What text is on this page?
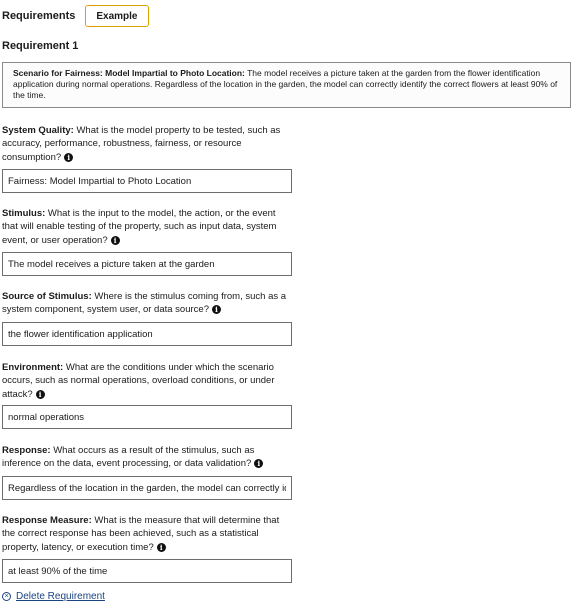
Requirements	Example
Requirement 1
Scenario for Fairness: Model Impartial to Photo Location: The model receives a picture taken at the garden from the flower identification application during normal operations. Regardless of the location in the garden, the model can correctly identify the correct flowers at least 90% of the time.
System Quality: What is the model property to be tested, such as accuracy, performance, robustness, fairness, or resource consumption? i
Fairness: Model Impartial to Photo Location
Stimulus: What is the input to the model, the action, or the event that will enable testing of the property, such as input data, system event, or user operation? i
The model receives a picture taken at the garden
Source of Stimulus: Where is the stimulus coming from, such as a system component, system user, or data source? i
the flower identification application
Environment: What are the conditions under which the scenario occurs, such as normal operations, overload conditions, or under attack? i
normal operations
Response: What occurs as a result of the stimulus, such as inference on the data, event processing, or data validation? i
Regardless of the location in the garden, the model can correctly identify the correct flowers
Response Measure: What is the measure that will determine that the correct response has been achieved, such as a statistical property, latency, or execution time? i
at least 90% of the time
× Delete Requirement
